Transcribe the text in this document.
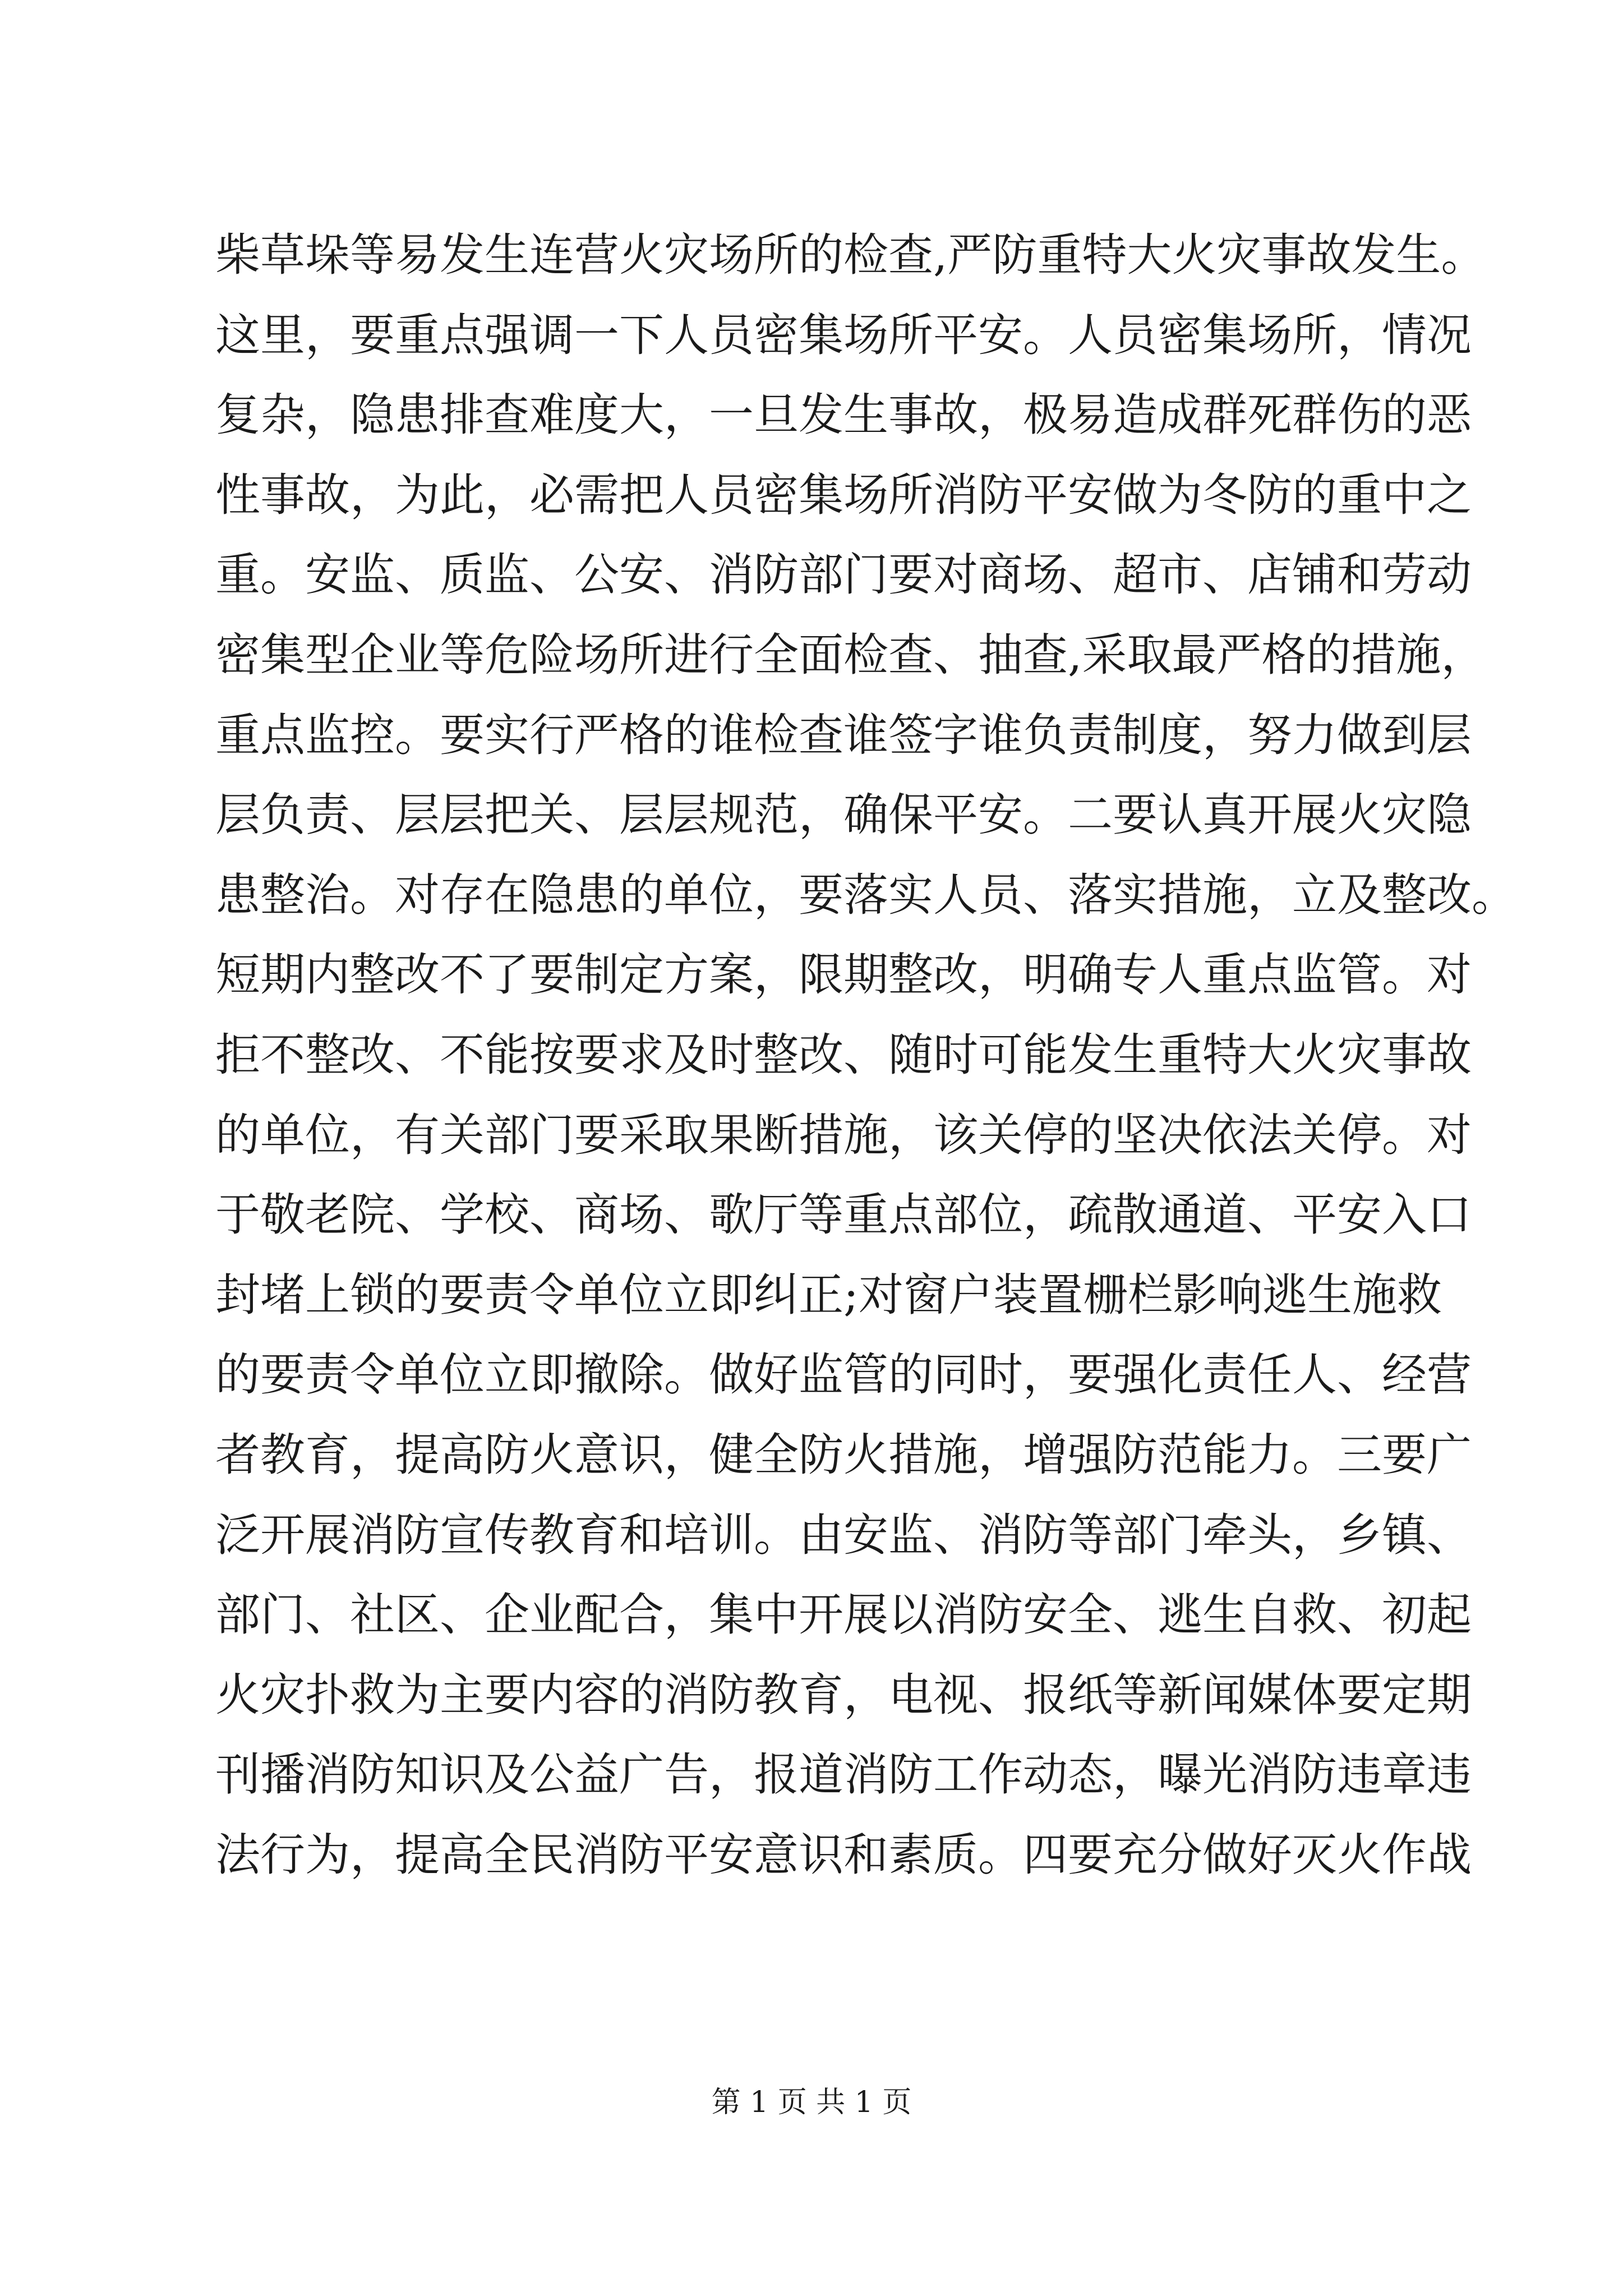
柴草垛等易发生连营火灾场所的检查,严防重特大火灾事故发生。
这里，要重点强调一下人员密集场所平安。人员密集场所，情况
复杂，隐患排查难度大，一旦发生事故，极易造成群死群伤的恶
性事故，为此，必需把人员密集场所消防平安做为冬防的重中之
重。安监、质监、公安、消防部门要对商场、超市、店铺和劳动
密集型企业等危险场所进行全面检查、抽查,采取最严格的措施，
重点监控。要实行严格的谁检查谁签字谁负责制度，努力做到层
层负责、层层把关、层层规范，确保平安。二要认真开展火灾隐
患整治。对存在隐患的单位，要落实人员、落实措施，立及整改。
短期内整改不了要制定方案，限期整改，明确专人重点监管。对
拒不整改、不能按要求及时整改、随时可能发生重特大火灾事故
的单位，有关部门要采取果断措施，该关停的坚决依法关停。对
于敬老院、学校、商场、歌厅等重点部位，疏散通道、平安入口
封堵上锁的要责令单位立即纠正;对窗户装置栅栏影响逃生施救
的要责令单位立即撤除。做好监管的同时，要强化责任人、经营
者教育，提高防火意识，健全防火措施，增强防范能力。三要广
泛开展消防宣传教育和培训。由安监、消防等部门牵头，乡镇、
部门、社区、企业配合，集中开展以消防安全、逃生自救、初起
火灾扑救为主要内容的消防教育，电视、报纸等新闻媒体要定期
刊播消防知识及公益广告，报道消防工作动态，曝光消防违章违
法行为，提高全民消防平安意识和素质。四要充分做好灭火作战
第 1 页 共 1 页
